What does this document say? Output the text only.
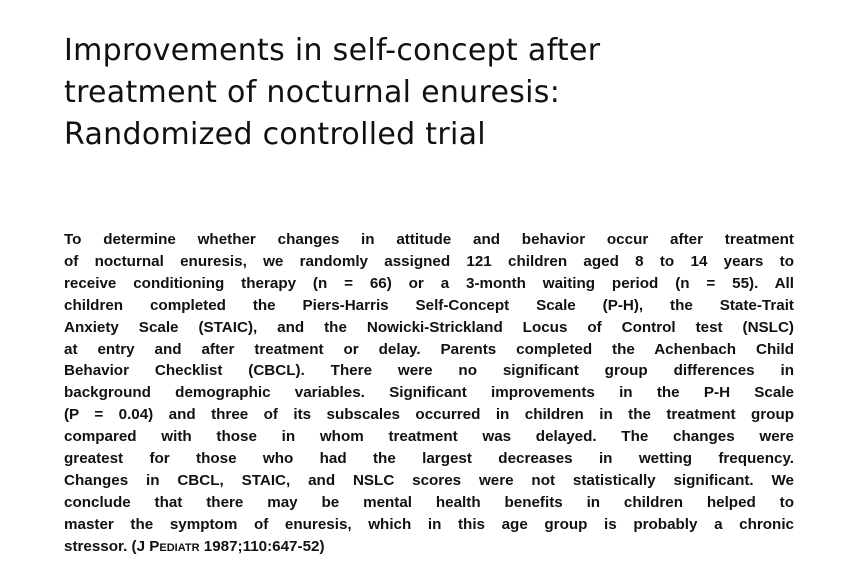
Improvements in self-concept after
treatment of nocturnal enuresis:
Randomized controlled trial
To determine whether changes in attitude and behavior occur after treatment
of nocturnal enuresis, we randomly assigned 121 children aged 8 to 14 years to
receive conditioning therapy (n = 66) or a 3-month waiting period (n = 55). All
children completed the Piers-Harris Self-Concept Scale (P-H), the State-Trait
Anxiety Scale (STAIC), and the Nowicki-Strickland Locus of Control test (NSLC)
at entry and after treatment or delay. Parents completed the Achenbach Child
Behavior Checklist (CBCL). There were no significant group differences in
background demographic variables. Significant improvements in the P-H Scale
(P = 0.04) and three of its subscales occurred in children in the treatment group
compared with those in whom treatment was delayed. The changes were
greatest for those who had the largest decreases in wetting frequency.
Changes in CBCL, STAIC, and NSLC scores were not statistically significant. We
conclude that there may be mental health benefits in children helped to
master the symptom of enuresis, which in this age group is probably a chronic
stressor. (J Pediatr 1987;110:647-52)
